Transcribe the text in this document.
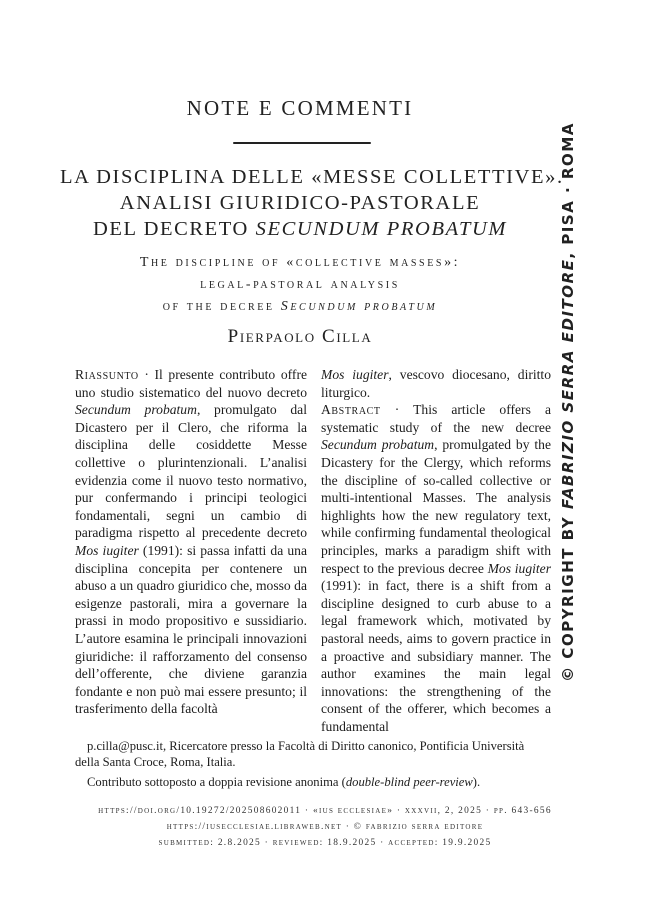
NOTE E COMMENTI
LA DISCIPLINA DELLE «MESSE COLLETTIVE».
ANALISI GIURIDICO-PASTORALE
DEL DECRETO SECUNDUM PROBATUM
The discipline of «collective masses»:
legal-pastoral analysis
of the decree Secundum probatum
Pierpaolo Cilla

Riassunto · Il presente contributo offre uno studio sistematico del nuovo decreto Secundum probatum, promulgato dal Dicastero per il Clero, che riforma la disciplina delle cosiddette Messe collettive o plurintenzionali. L’analisi evidenzia come il nuovo testo normativo, pur confermando i principi teologici fondamentali, segni un cambio di paradigma rispetto al precedente decreto Mos iugiter (1991): si passa infatti da una disciplina concepita per contenere un abuso a un quadro giuridico che, mosso da esigenze pastorali, mira a governare la prassi in modo propositivo e sussidiario. L’autore esamina le principali innovazioni giuridiche: il rafforzamento del consenso dell’offerente, che diviene garanzia fondante e non può mai essere presunto; il trasferimento della facoltà

Mos iugiter, vescovo diocesano, diritto liturgico.

Abstract · This article offers a systematic study of the new decree Secundum probatum, promulgated by the Dicastery for the Clergy, which reforms the discipline of so-called collective or multi-intentional Masses. The analysis highlights how the new regulatory text, while confirming fundamental theological principles, marks a paradigm shift with respect to the previous decree Mos iugiter (1991): in fact, there is a shift from a discipline designed to curb abuse to a legal framework which, motivated by pastoral needs, aims to govern practice in a proactive and subsidiary manner. The author examines the main legal innovations: the strengthening of the consent of the offerer, which becomes a fundamental

p.cilla@pusc.it, Ricercatore presso la Facoltà di Diritto canonico, Pontificia Università della Santa Croce, Roma, Italia.

Contributo sottoposto a doppia revisione anonima (double-blind peer-review).

https://doi.org/10.19272/202508602011 · «ius ecclesiae» · xxxvii, 2, 2025 · pp. 643-656
https://iusecclesiae.libraweb.net · © fabrizio serra editore
submitted: 2.8.2025 · reviewed: 18.9.2025 · accepted: 19.9.2025
© COPYRIGHT BY FABRIZIO SERRA EDITORE, PISA · ROMA
